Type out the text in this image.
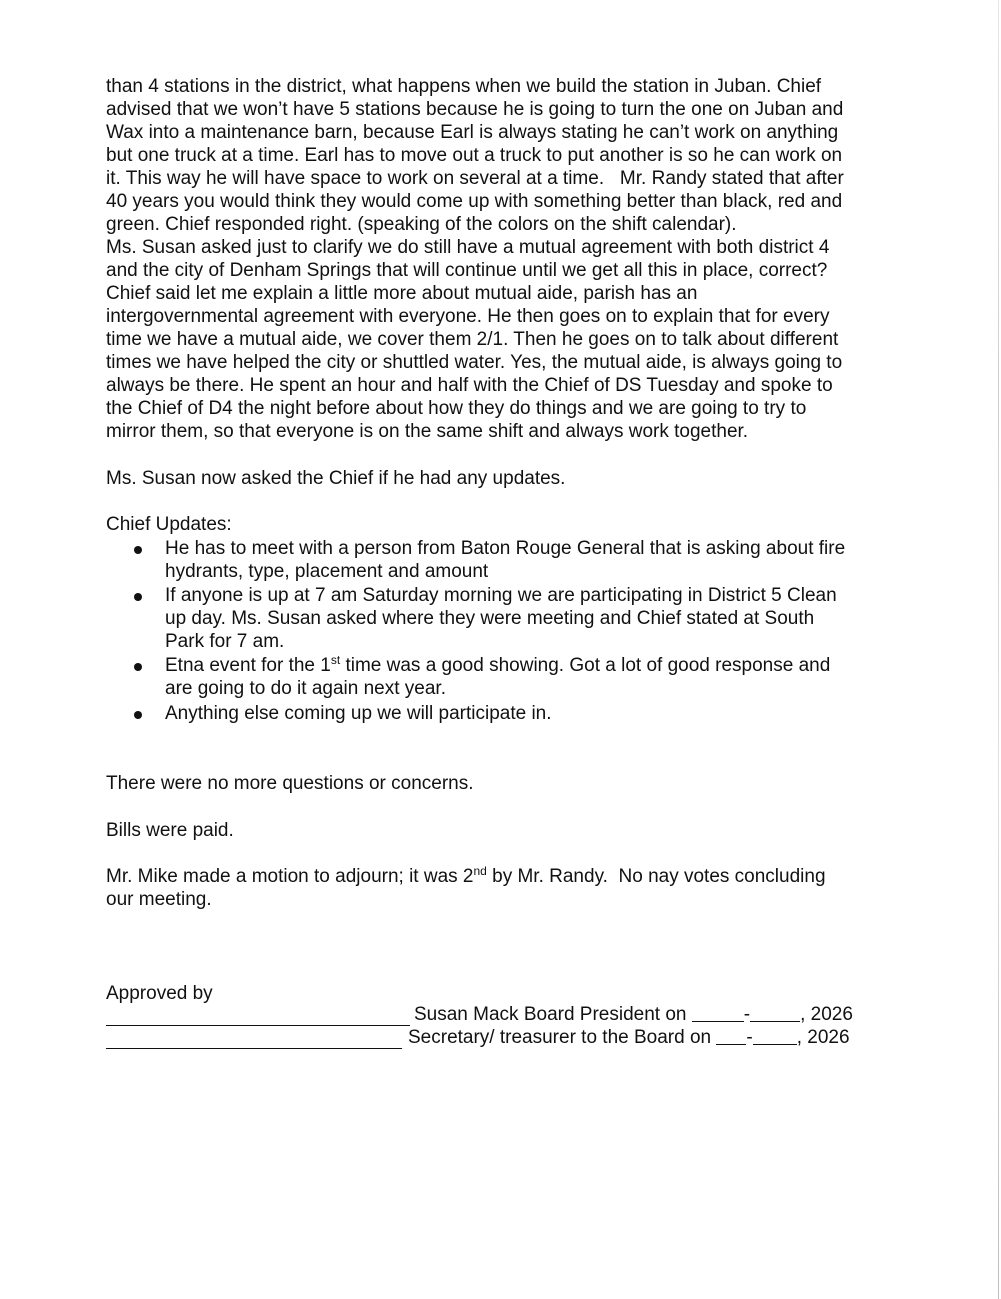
than 4 stations in the district, what happens when we build the station in Juban. Chief
advised that we won’t have 5 stations because he is going to turn the one on Juban and
Wax into a maintenance barn, because Earl is always stating he can’t work on anything
but one truck at a time. Earl has to move out a truck to put another is so he can work on
it. This way he will have space to work on several at a time.   Mr. Randy stated that after
40 years you would think they would come up with something better than black, red and
green. Chief responded right. (speaking of the colors on the shift calendar).
Ms. Susan asked just to clarify we do still have a mutual agreement with both district 4
and the city of Denham Springs that will continue until we get all this in place, correct?
Chief said let me explain a little more about mutual aide, parish has an
intergovernmental agreement with everyone. He then goes on to explain that for every
time we have a mutual aide, we cover them 2/1. Then he goes on to talk about different
times we have helped the city or shuttled water. Yes, the mutual aide, is always going to
always be there. He spent an hour and half with the Chief of DS Tuesday and spoke to
the Chief of D4 the night before about how they do things and we are going to try to
mirror them, so that everyone is on the same shift and always work together.
Ms. Susan now asked the Chief if he had any updates.
Chief Updates:
He has to meet with a person from Baton Rouge General that is asking about fire
hydrants, type, placement and amount
If anyone is up at 7 am Saturday morning we are participating in District 5 Clean
up day. Ms. Susan asked where they were meeting and Chief stated at South
Park for 7 am.
Etna event for the 1st time was a good showing. Got a lot of good response and
are going to do it again next year.
Anything else coming up we will participate in.
There were no more questions or concerns.
Bills were paid.
Mr. Mike made a motion to adjourn; it was 2nd by Mr. Randy.  No nay votes concluding
our meeting.
Approved by
Susan Mack Board President on	-	, 2026
Secretary/ treasurer to the Board on - , 2026
